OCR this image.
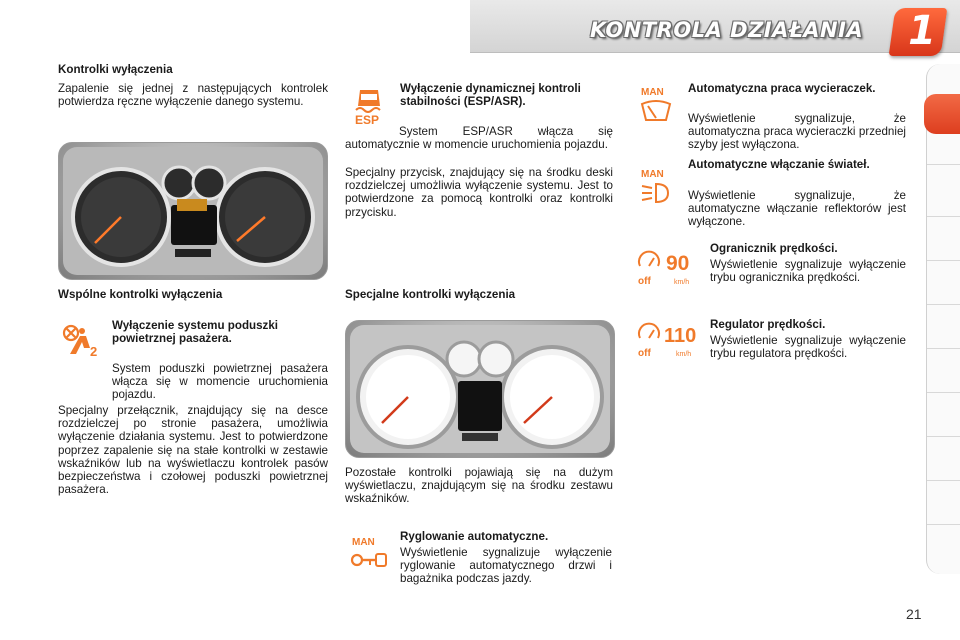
KONTROLA DZIAŁANIA	1
Kontrolki wyłączenia
Zapalenie się jednej z następujących kontrolek potwierdza ręczne wyłączenie danego systemu.
Wspólne kontrolki wyłączenia
2
Wyłączenie systemu poduszki powietrznej pasażera.
System poduszki powietrznej pasażera włącza się w momencie uruchomienia pojazdu.
Specjalny przełącznik, znajdujący się na desce rozdzielczej po stronie pasażera, umożliwia wyłączenie działania systemu. Jest to potwierdzone poprzez zapalenie się na stałe kontrolki w zestawie wskaźników lub na wyświetlaczu kontrolek pasów bezpieczeństwa i czołowej poduszki powietrznej pasażera.
ESP
Wyłączenie dynamicznej kontroli stabilności (ESP/ASR).
System ESP/ASR włącza się automatycznie w momencie uruchomienia pojazdu.
Specjalny przycisk, znajdujący się na środku deski rozdzielczej umożliwia wyłączenie systemu. Jest to potwierdzone za pomocą kontrolki oraz kontrolki przycisku.
Specjalne kontrolki wyłączenia
Pozostałe kontrolki pojawiają się na dużym wyświetlaczu, znajdującym się na środku zestawu wskaźników.
MAN Ryglowanie automatyczne.
Wyświetlenie sygnalizuje wyłączenie ryglowanie automatycznego drzwi i bagażnika podczas jazdy.
MAN Automatyczna praca wycieraczek.
Wyświetlenie sygnalizuje, że automatyczna praca wycieraczki przedniej szyby jest wyłączona.
MAN
Automatyczne włączanie świateł.
Wyświetlenie sygnalizuje, że automatyczne włączanie reflektorów jest wyłączone.
off
90
km/h
Ogranicznik prędkości.
Wyświetlenie sygnalizuje wyłączenie trybu ogranicznika prędkości.
off
110
km/h
Regulator prędkości.
Wyświetlenie sygnalizuje wyłączenie trybu regulatora prędkości.
21
